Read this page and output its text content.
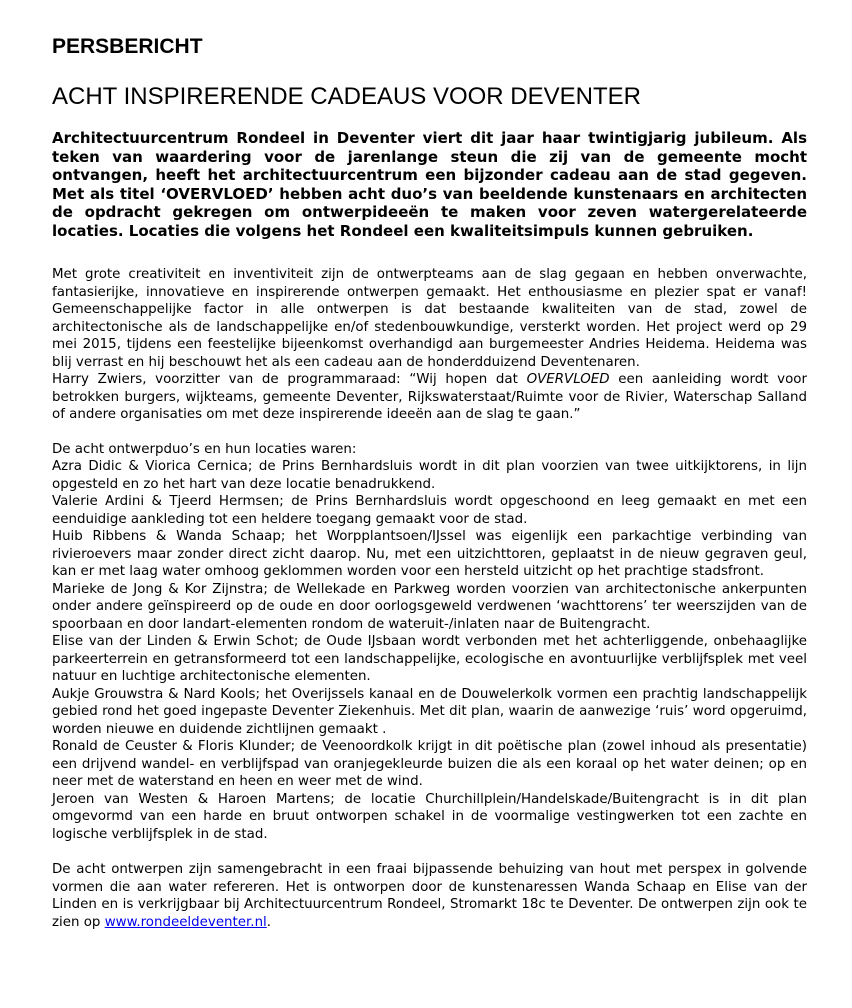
PERSBERICHT
ACHT INSPIRERENDE CADEAUS VOOR DEVENTER

Architectuurcentrum Rondeel in Deventer viert dit jaar haar twintigjarig jubileum. Als teken van waardering voor de jarenlange steun die zij van de gemeente mocht ontvangen, heeft het architectuurcentrum een bijzonder cadeau aan de stad gegeven. Met als titel ‘OVERVLOED’ hebben acht duo’s van beeldende kunstenaars en architecten de opdracht gekregen om ontwerpideeën te maken voor zeven watergerelateerde locaties. Locaties die volgens het Rondeel een kwaliteitsimpuls kunnen gebruiken.

Met grote creativiteit en inventiviteit zijn de ontwerpteams aan de slag gegaan en hebben onverwachte, fantasierijke, innovatieve en inspirerende ontwerpen gemaakt. Het enthousiasme en plezier spat er vanaf! Gemeenschappelijke factor in alle ontwerpen is dat bestaande kwaliteiten van de stad, zowel de architectonische als de landschappelijke en/of stedenbouwkundige, versterkt worden. Het project werd op 29 mei 2015, tijdens een feestelijke bijeenkomst overhandigd aan burgemeester Andries Heidema. Heidema was blij verrast en hij beschouwt het als een cadeau aan de honderdduizend Deventenaren.
Harry Zwiers, voorzitter van de programmaraad: “Wij hopen dat OVERVLOED een aanleiding wordt voor betrokken burgers, wijkteams, gemeente Deventer, Rijkswaterstaat/Ruimte voor de Rivier, Waterschap Salland of andere organisaties om met deze inspirerende ideeën aan de slag te gaan.”
De acht ontwerpduo’s en hun locaties waren:
Azra Didic & Viorica Cernica; de Prins Bernhardsluis wordt in dit plan voorzien van twee uitkijktorens, in lijn opgesteld en zo het hart van deze locatie benadrukkend.
Valerie Ardini & Tjeerd Hermsen; de Prins Bernhardsluis wordt opgeschoond en leeg gemaakt en met een eenduidige aankleding tot een heldere toegang gemaakt voor de stad.
Huib Ribbens & Wanda Schaap; het Worpplantsoen/IJssel was eigenlijk een parkachtige verbinding van rivieroevers maar zonder direct zicht daarop. Nu, met een uitzichttoren, geplaatst in de nieuw gegraven geul, kan er met laag water omhoog geklommen worden voor een hersteld uitzicht op het prachtige stadsfront.
Marieke de Jong & Kor Zijnstra; de Wellekade en Parkweg worden voorzien van architectonische ankerpunten onder andere geïnspireerd op de oude en door oorlogsgeweld verdwenen ‘wachttorens’ ter weerszijden van de spoorbaan en door landart-elementen rondom de wateruit-/inlaten naar de Buitengracht.
Elise van der Linden & Erwin Schot; de Oude IJsbaan wordt verbonden met het achterliggende, onbehaaglijke parkeerterrein en getransformeerd tot een landschappelijke, ecologische en avontuurlijke verblijfsplek met veel natuur en luchtige architectonische elementen.
Aukje Grouwstra & Nard Kools; het Overijssels kanaal en de Douwelerkolk vormen een prachtig landschappelijk gebied rond het goed ingepaste Deventer Ziekenhuis. Met dit plan, waarin de aanwezige ‘ruis’ word opgeruimd, worden nieuwe en duidende zichtlijnen gemaakt .
Ronald de Ceuster & Floris Klunder; de Veenoordkolk krijgt in dit poëtische plan (zowel inhoud als presentatie) een drijvend wandel- en verblijfspad van oranjegekleurde buizen die als een koraal op het water deinen; op en neer met de waterstand en heen en weer met de wind.
Jeroen van Westen & Haroen Martens; de locatie Churchillplein/Handelskade/Buitengracht is in dit plan omgevormd van een harde en bruut ontworpen schakel in de voormalige vestingwerken tot een zachte en logische verblijfsplek in de stad.

De acht ontwerpen zijn samengebracht in een fraai bijpassende behuizing van hout met perspex in golvende vormen die aan water refereren. Het is ontworpen door de kunstenaressen Wanda Schaap en Elise van der Linden en is verkrijgbaar bij Architectuurcentrum Rondeel, Stromarkt 18c te Deventer. De ontwerpen zijn ook te zien op www.rondeeldeventer.nl.
